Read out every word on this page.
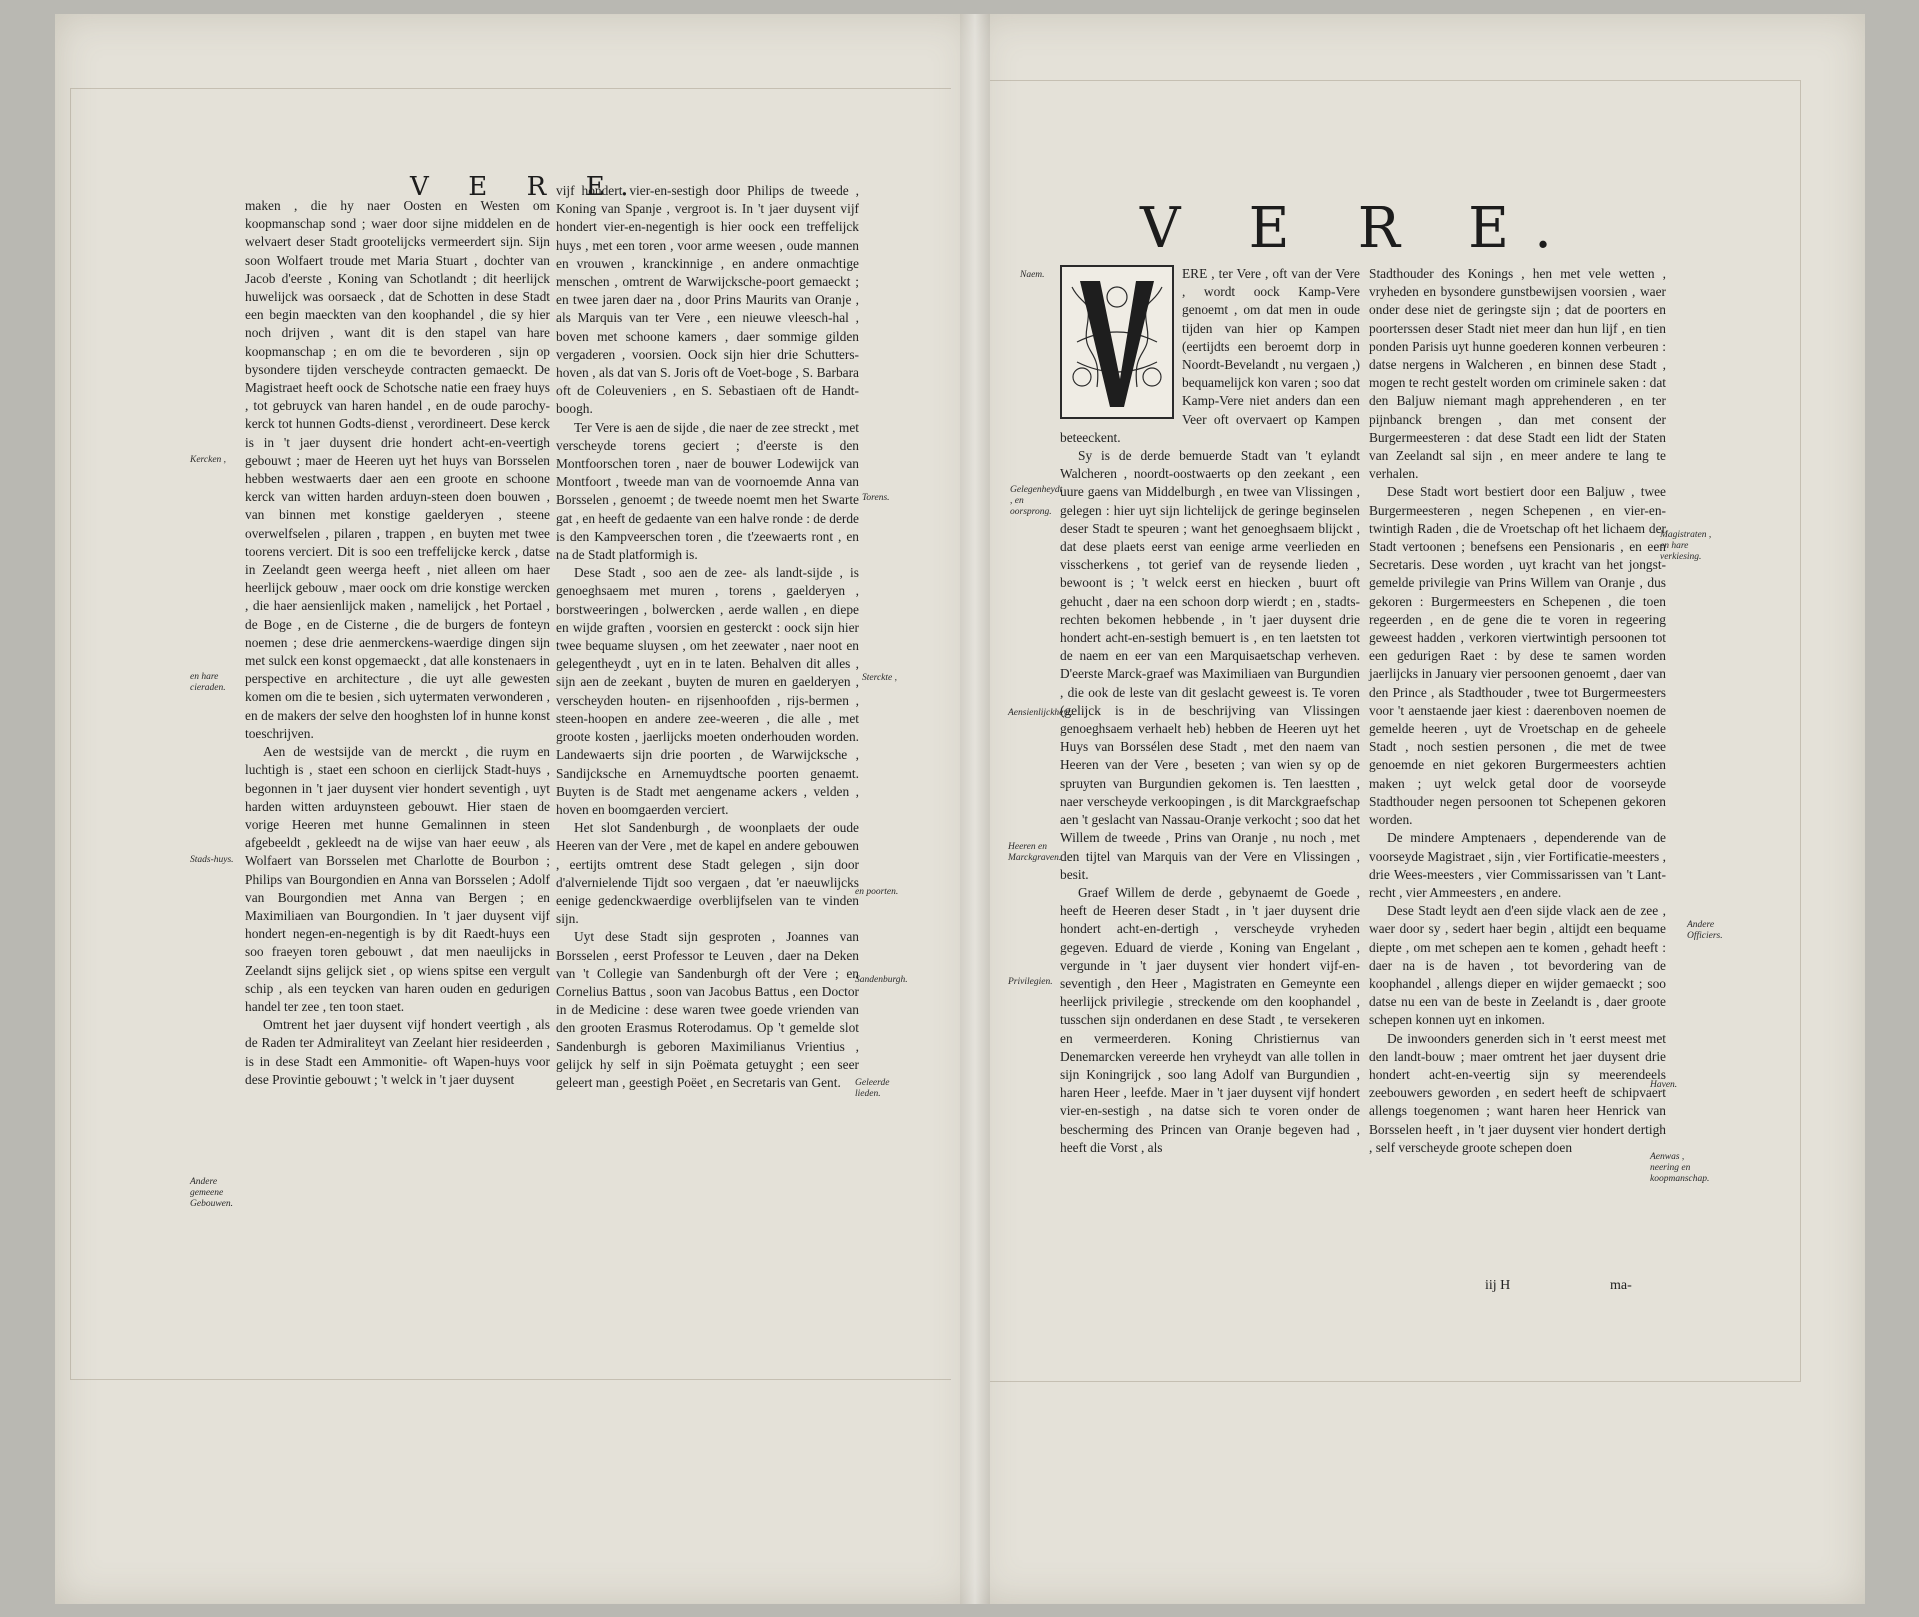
V E R E.
V E R E.
Kercken ,
en hare cieraden.
Stads-huys.
Andere gemeene Gebouwen.
Torens.
Sterckte ,
en poorten.
Sandenburgh.
Geleerde lieden.
Naem.
Gelegenheydt , en oorsprong.
Aensienlijckheyt.
Heeren en Marckgraven.
Privilegien.
Magistraten , en hare verkiesing.
Andere Officiers.
Haven.
Aenwas , neering en koopmanschap.

maken , die hy naer Oosten en Westen om koopmanschap sond ; waer door sijne middelen en de welvaert deser Stadt grootelijcks vermeerdert sijn. Sijn soon Wolfaert troude met Maria Stuart , dochter van Jacob d'eerste , Koning van Schotlandt ; dit heerlijck huwelijck was oorsaeck , dat de Schotten in dese Stadt een begin maeckten van den koophandel , die sy hier noch drijven , want dit is den stapel van hare koopmanschap ; en om die te bevorderen , sijn op bysondere tijden verscheyde contracten gemaeckt. De Magistraet heeft oock de Schotsche natie een fraey huys , tot gebruyck van haren handel , en de oude parochy-kerck tot hunnen Godts-dienst , verordineert. Dese kerck is in 't jaer duysent drie hondert acht-en-veertigh gebouwt ; maer de Heeren uyt het huys van Borsselen hebben westwaerts daer aen een groote en schoone kerck van witten harden arduyn-steen doen bouwen , van binnen met konstige gaelderyen , steene overwelfselen , pilaren , trappen , en buyten met twee toorens verciert. Dit is soo een treffelijcke kerck , datse in Zeelandt geen weerga heeft , niet alleen om haer heerlijck gebouw , maer oock om drie konstige wercken , die haer aensienlijck maken , namelijck , het Portael , de Boge , en de Cisterne , die de burgers de fonteyn noemen ; dese drie aenmerckens-waerdige dingen sijn met sulck een konst opgemaeckt , dat alle konstenaers in perspective en architecture , die uyt alle gewesten komen om die te besien , sich uytermaten verwonderen , en de makers der selve den hooghsten lof in hunne konst toeschrijven.

Aen de westsijde van de merckt , die ruym en luchtigh is , staet een schoon en cierlijck Stadt-huys , begonnen in 't jaer duysent vier hondert seventigh , uyt harden witten arduynsteen gebouwt. Hier staen de vorige Heeren met hunne Gemalinnen in steen afgebeeldt , gekleedt na de wijse van haer eeuw , als Wolfaert van Borsselen met Charlotte de Bourbon ; Philips van Bourgondien en Anna van Borsselen ; Adolf van Bourgondien met Anna van Bergen ; en Maximiliaen van Bourgondien. In 't jaer duysent vijf hondert negen-en-negentigh is by dit Raedt-huys een soo fraeyen toren gebouwt , dat men naeulijcks in Zeelandt sijns gelijck siet , op wiens spitse een vergult schip , als een teycken van haren ouden en gedurigen handel ter zee , ten toon staet.

Omtrent het jaer duysent vijf hondert veertigh , als de Raden ter Admiraliteyt van Zeelant hier resideerden , is in dese Stadt een Ammonitie- oft Wapen-huys voor dese Provintie gebouwt ; 't welck in 't jaer duysent

vijf hondert vier-en-sestigh door Philips de tweede , Koning van Spanje , vergroot is. In 't jaer duysent vijf hondert vier-en-negentigh is hier oock een treffelijck huys , met een toren , voor arme weesen , oude mannen en vrouwen , kranckinnige , en andere onmachtige menschen , omtrent de Warwijcksche-poort gemaeckt ; en twee jaren daer na , door Prins Maurits van Oranje , als Marquis van ter Vere , een nieuwe vleesch-hal , boven met schoone kamers , daer sommige gilden vergaderen , voorsien. Oock sijn hier drie Schutters-hoven , als dat van S. Joris oft de Voet-boge , S. Barbara oft de Coleuveniers , en S. Sebastiaen oft de Handt-boogh.

Ter Vere is aen de sijde , die naer de zee streckt , met verscheyde torens geciert ; d'eerste is den Montfoorschen toren , naer de bouwer Lodewijck van Montfoort , tweede man van de voornoemde Anna van Borsselen , genoemt ; de tweede noemt men het Swarte gat , en heeft de gedaente van een halve ronde : de derde is den Kampveerschen toren , die t'zeewaerts ront , en na de Stadt platformigh is.

Dese Stadt , soo aen de zee- als landt-sijde , is genoeghsaem met muren , torens , gaelderyen , borstweeringen , bolwercken , aerde wallen , en diepe en wijde graften , voorsien en gesterckt : oock sijn hier twee bequame sluysen , om het zeewater , naer noot en gelegentheydt , uyt en in te laten. Behalven dit alles , sijn aen de zeekant , buyten de muren en gaelderyen , verscheyden houten- en rijsenhoofden , rijs-bermen , steen-hoopen en andere zee-weeren , die alle , met groote kosten , jaerlijcks moeten onderhouden worden. Landewaerts sijn drie poorten , de Warwijcksche , Sandijcksche en Arnemuydtsche poorten genaemt. Buyten is de Stadt met aengename ackers , velden , hoven en boomgaerden verciert.

Het slot Sandenburgh , de woonplaets der oude Heeren van der Vere , met de kapel en andere gebouwen , eertijts omtrent dese Stadt gelegen , sijn door d'alvernielende Tijdt soo vergaen , dat 'er naeuwlijcks eenige gedenckwaerdige overblijfselen van te vinden sijn.

Uyt dese Stadt sijn gesproten , Joannes van Borsselen , eerst Professor te Leuven , daer na Deken van 't Collegie van Sandenburgh oft der Vere ; en Cornelius Battus , soon van Jacobus Battus , een Doctor in de Medicine : dese waren twee goede vrienden van den grooten Erasmus Roterodamus. Op 't gemelde slot Sandenburgh is geboren Maximilianus Vrientius , gelijck hy self in sijn Poëmata getuyght ; een seer geleert man , geestigh Poëet , en Secretaris van Gent.

ERE , ter Vere , oft van der Vere , wordt oock Kamp-Vere genoemt , om dat men in oude tijden van hier op Kampen (eertijdts een beroemt dorp in Noordt-Bevelandt , nu vergaen ,) bequamelijck kon varen ; soo dat Kamp-Vere niet anders dan een Veer oft overvaert op Kampen beteeckent.

Sy is de derde bemuerde Stadt van 't eylandt Walcheren , noordt-oostwaerts op den zeekant , een uure gaens van Middelburgh , en twee van Vlissingen , gelegen : hier uyt sijn lichtelijck de geringe beginselen deser Stadt te speuren ; want het genoeghsaem blijckt , dat dese plaets eerst van eenige arme veerlieden en visscherkens , tot gerief van de reysende lieden , bewoont is ; 't welck eerst en hiecken , buurt oft gehucht , daer na een schoon dorp wierdt ; en , stadts-rechten bekomen hebbende , in 't jaer duysent drie hondert acht-en-sestigh bemuert is , en ten laetsten tot de naem en eer van een Marquisaetschap verheven. D'eerste Marck-graef was Maximiliaen van Burgundien , die ook de leste van dit geslacht geweest is. Te voren (gelijck is in de beschrijving van Vlissingen genoeghsaem verhaelt heb) hebben de Heeren uyt het Huys van Borssélen dese Stadt , met den naem van Heeren van der Vere , beseten ; van wien sy op de spruyten van Burgundien gekomen is. Ten laestten , naer verscheyde verkoopingen , is dit Marckgraefschap aen 't geslacht van Nassau-Oranje verkocht ; soo dat het Willem de tweede , Prins van Oranje , nu noch , met den tijtel van Marquis van der Vere en Vlissingen , besit.

Graef Willem de derde , gebynaemt de Goede , heeft de Heeren deser Stadt , in 't jaer duysent drie hondert acht-en-dertigh , verscheyde vryheden gegeven. Eduard de vierde , Koning van Engelant , vergunde in 't jaer duysent vier hondert vijf-en-seventigh , den Heer , Magistraten en Gemeynte een heerlijck privilegie , streckende om den koophandel , tusschen sijn onderdanen en dese Stadt , te versekeren en vermeerderen. Koning Christiernus van Denemarcken vereerde hen vryheydt van alle tollen in sijn Koningrijck , soo lang Adolf van Burgundien , haren Heer , leefde. Maer in 't jaer duysent vijf hondert vier-en-sestigh , na datse sich te voren onder de bescherming des Princen van Oranje begeven had , heeft die Vorst , als

Stadthouder des Konings , hen met vele wetten , vryheden en bysondere gunstbewijsen voorsien , waer onder dese niet de geringste sijn ; dat de poorters en poorterssen deser Stadt niet meer dan hun lijf , en tien ponden Parisis uyt hunne goederen konnen verbeuren : datse nergens in Walcheren , en binnen dese Stadt , mogen te recht gestelt worden om criminele saken : dat den Baljuw niemant magh apprehenderen , en ter pijnbanck brengen , dan met consent der Burgermeesteren : dat dese Stadt een lidt der Staten van Zeelandt sal sijn , en meer andere te lang te verhalen.

Dese Stadt wort bestiert door een Baljuw , twee Burgermeesteren , negen Schepenen , en vier-en-twintigh Raden , die de Vroetschap oft het lichaem der Stadt vertoonen ; benefsens een Pensionaris , en een Secretaris. Dese worden , uyt kracht van het jongst-gemelde privilegie van Prins Willem van Oranje , dus gekoren : Burgermeesters en Schepenen , die toen regeerden , en de gene die te voren in regeering geweest hadden , verkoren viertwintigh persoonen tot een gedurigen Raet : by dese te samen worden jaerlijcks in January vier persoonen genoemt , daer van den Prince , als Stadthouder , twee tot Burgermeesters voor 't aenstaende jaer kiest : daerenboven noemen de gemelde heeren , uyt de Vroetschap en de geheele Stadt , noch sestien personen , die met de twee genoemde en niet gekoren Burgermeesters achtien maken ; uyt welck getal door de voorseyde Stadthouder negen persoonen tot Schepenen gekoren worden.

De mindere Amptenaers , dependerende van de voorseyde Magistraet , sijn , vier Fortificatie-meesters , drie Wees-meesters , vier Commissarissen van 't Lant-recht , vier Ammeesters , en andere.

Dese Stadt leydt aen d'een sijde vlack aen de zee , waer door sy , sedert haer begin , altijdt een bequame diepte , om met schepen aen te komen , gehadt heeft : daer na is de haven , tot bevordering van de koophandel , allengs dieper en wijder gemaeckt ; soo datse nu een van de beste in Zeelandt is , daer groote schepen konnen uyt en inkomen.

De inwoonders generden sich in 't eerst meest met den landt-bouw ; maer omtrent het jaer duysent drie hondert acht-en-veertig sijn sy meerendeels zeebouwers geworden , en sedert heeft de schipvaert allengs toegenomen ; want haren heer Henrick van Borsselen heeft , in 't jaer duysent vier hondert dertigh , self verscheyde groote schepen doen

iij H	ma-
